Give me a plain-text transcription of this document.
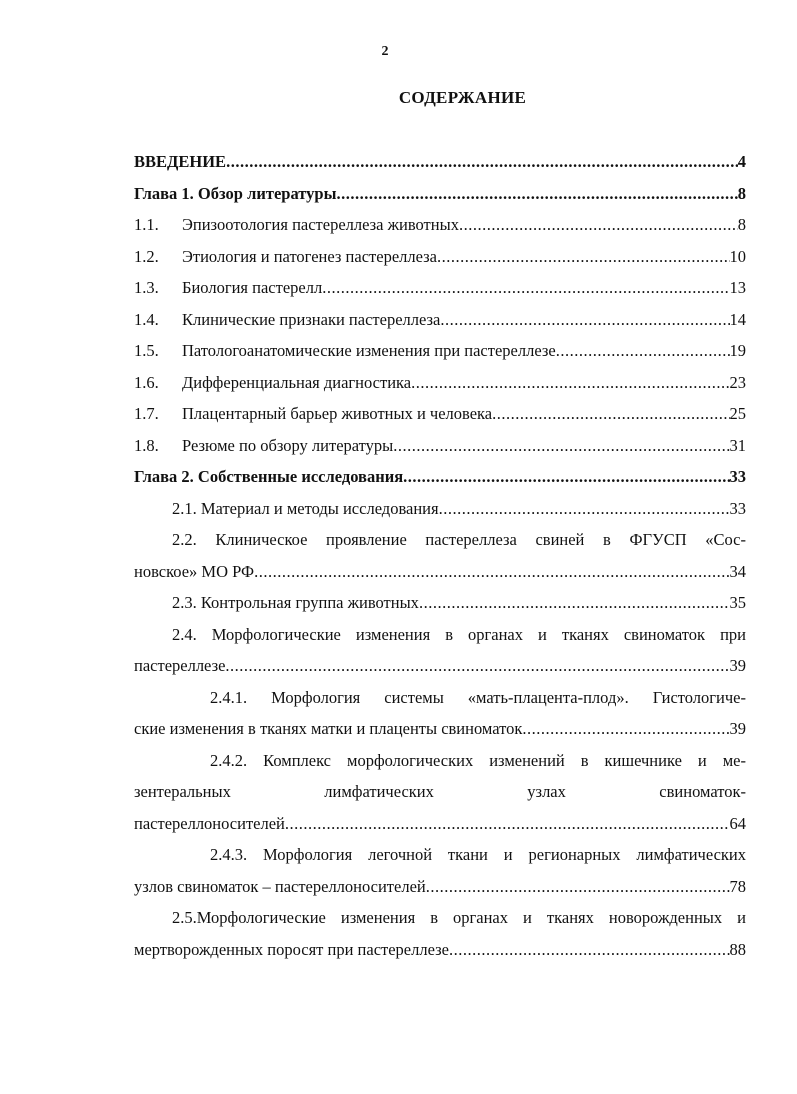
2
СОДЕРЖАНИЕ
ВВЕДЕНИЕ .....	4
Глава 1. Обзор литературы .....	8
1.1.	Эпизоотология пастереллеза животных .....	8
1.2.	Этиология и патогенез пастереллеза .....	10
1.3.	Биология пастерелл .....	13
1.4.	Клинические признаки пастереллеза .....	14
1.5.	Патологоанатомические изменения при пастереллезе .....	19
1.6.	Дифференциальная диагностика .....	23
1.7.	Плацентарный барьер животных и человека .....	25
1.8.	Резюме по обзору литературы .....	31
Глава 2. Собственные исследования .....	33
2.1. Материал и методы исследования .....	33
2.2. Клиническое проявление пастереллеза свиней в ФГУСП «Сос-
новское» МО РФ .....	34
2.3. Контрольная группа животных .....	35
2.4. Морфологические изменения в органах и тканях свиноматок при
пастереллезе .....	39
2.4.1. Морфология системы «мать-плацента-плод». Гистологиче-
ские изменения в тканях матки и плаценты свиноматок .....	39
2.4.2. Комплекс морфологических изменений в кишечнике и ме-
зентеральных	лимфатических	узлах	свиноматок-
пастереллоносителей .....	64
2.4.3. Морфология легочной ткани и регионарных лимфатических
узлов свиноматок – пастереллоносителей .....	78
2.5.Морфологические изменения в органах и тканях новорожденных и
мертворожденных поросят при пастереллезе .....	88
